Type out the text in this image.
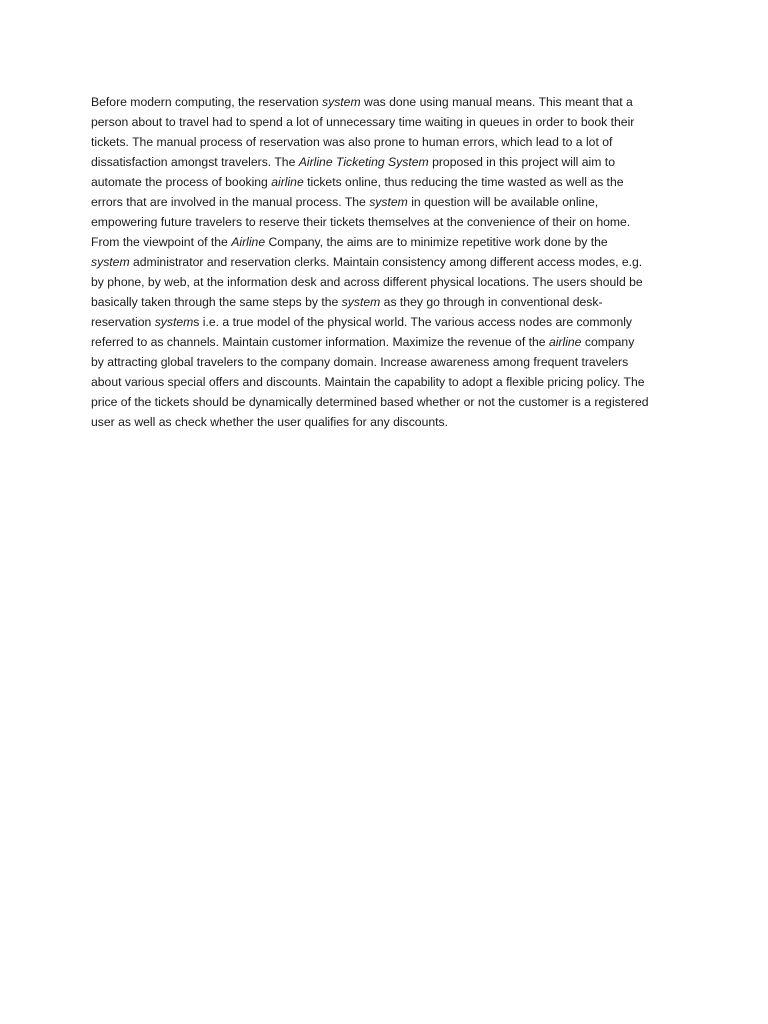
Before modern computing, the reservation system was done using manual means. This meant that a
person about to travel had to spend a lot of unnecessary time waiting in queues in order to book their
tickets. The manual process of reservation was also prone to human errors, which lead to a lot of
dissatisfaction amongst travelers. The Airline Ticketing System proposed in this project will aim to
automate the process of booking airline tickets online, thus reducing the time wasted as well as the
errors that are involved in the manual process. The system in question will be available online,
empowering future travelers to reserve their tickets themselves at the convenience of their on home.
From the viewpoint of the Airline Company, the aims are to minimize repetitive work done by the
system administrator and reservation clerks. Maintain consistency among different access modes, e.g.
by phone, by web, at the information desk and across different physical locations. The users should be
basically taken through the same steps by the system as they go through in conventional desk-
reservation systems i.e. a true model of the physical world. The various access nodes are commonly
referred to as channels. Maintain customer information. Maximize the revenue of the airline company
by attracting global travelers to the company domain. Increase awareness among frequent travelers
about various special offers and discounts. Maintain the capability to adopt a flexible pricing policy. The
price of the tickets should be dynamically determined based whether or not the customer is a registered
user as well as check whether the user qualifies for any discounts.
